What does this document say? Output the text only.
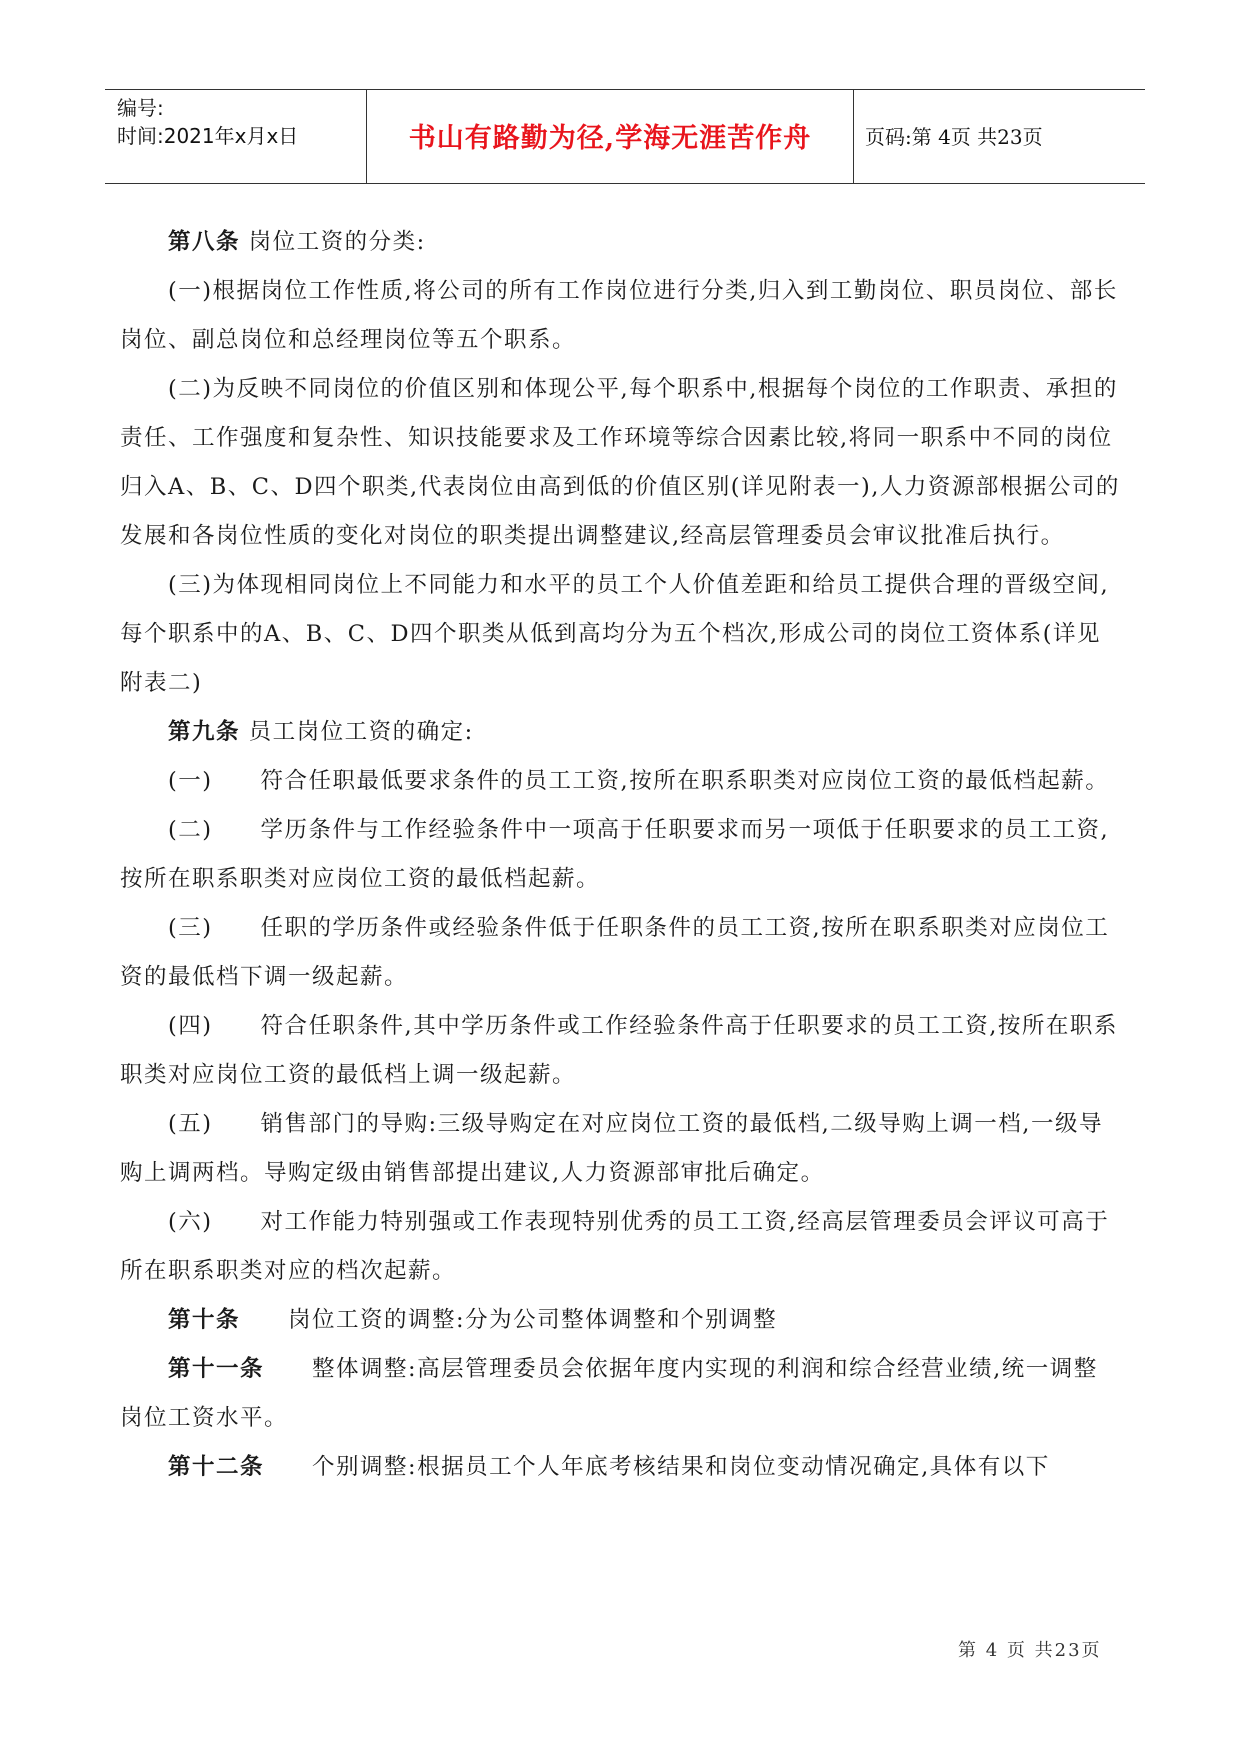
编号:
时间:2021年x月x日	书山有路勤为径,学海无涯苦作舟	页码:第 4页 共23页

第八条 岗位工资的分类:

(一)根据岗位工作性质,将公司的所有工作岗位进行分类,归入到工勤岗位、职员岗位、部长岗位、副总岗位和总经理岗位等五个职系。

(二)为反映不同岗位的价值区别和体现公平,每个职系中,根据每个岗位的工作职责、承担的责任、工作强度和复杂性、知识技能要求及工作环境等综合因素比较,将同一职系中不同的岗位归入A、B、C、D四个职类,代表岗位由高到低的价值区别(详见附表一),人力资源部根据公司的发展和各岗位性质的变化对岗位的职类提出调整建议,经高层管理委员会审议批准后执行。

(三)为体现相同岗位上不同能力和水平的员工个人价值差距和给员工提供合理的晋级空间,每个职系中的A、B、C、D四个职类从低到高均分为五个档次,形成公司的岗位工资体系(详见附表二)

第九条 员工岗位工资的确定:

(一)　　符合任职最低要求条件的员工工资,按所在职系职类对应岗位工资的最低档起薪。

(二)　　学历条件与工作经验条件中一项高于任职要求而另一项低于任职要求的员工工资,按所在职系职类对应岗位工资的最低档起薪。

(三)　　任职的学历条件或经验条件低于任职条件的员工工资,按所在职系职类对应岗位工资的最低档下调一级起薪。

(四)　　符合任职条件,其中学历条件或工作经验条件高于任职要求的员工工资,按所在职系职类对应岗位工资的最低档上调一级起薪。

(五)　　销售部门的导购:三级导购定在对应岗位工资的最低档,二级导购上调一档,一级导购上调两档。导购定级由销售部提出建议,人力资源部审批后确定。

(六)　　对工作能力特别强或工作表现特别优秀的员工工资,经高层管理委员会评议可高于所在职系职类对应的档次起薪。

第十条　　岗位工资的调整:分为公司整体调整和个别调整

第十一条　　整体调整:高层管理委员会依据年度内实现的利润和综合经营业绩,统一调整岗位工资水平。

第十二条　　个别调整:根据员工个人年底考核结果和岗位变动情况确定,具体有以下

第 4 页 共23页
